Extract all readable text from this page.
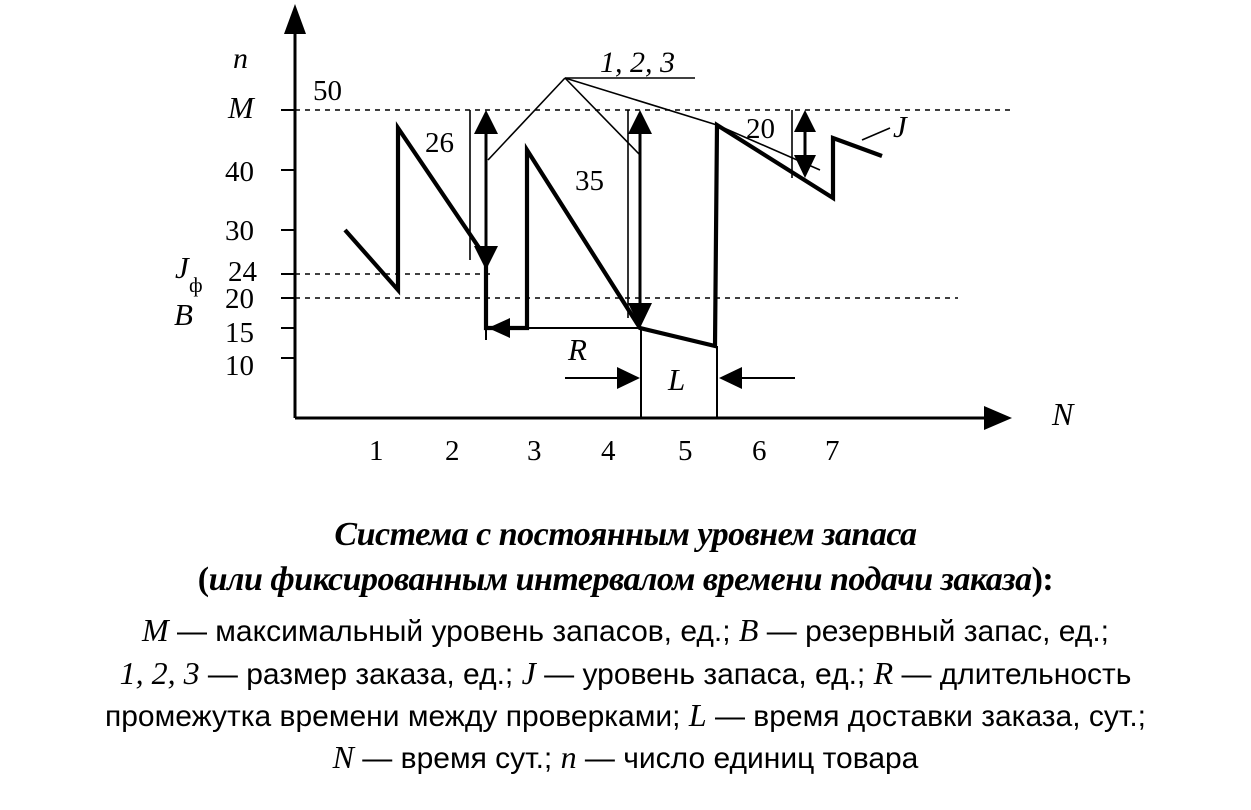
50
40
30
24
20
15
10
n
M
J ф
B
1 2 3 4 5 6 7
N
1, 2, 3
J
26
35
20
R
L
Система с постоянным уровнем запаса
(или фиксированным интервалом времени подачи заказа):
M — максимальный уровень запасов, ед.; B — резервный запас, ед.;
1, 2, 3 — размер заказа, ед.; J — уровень запаса, ед.; R — длительность
промежутка времени между проверками; L — время доставки заказа, сут.;
N — время сут.; n — число единиц товара
